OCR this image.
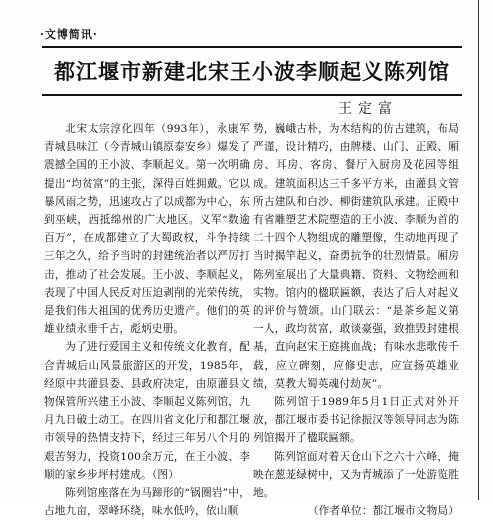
·文博简讯·
都江堰市新建北宋王小波李顺起义陈列馆
王定富

北宋太宗淳化四年（993年），永康军青城县味江（今青城山镇原泰安乡）爆发了震撼全国的王小波、李顺起义。第一次明确提出“均贫富”的主张，深得百姓拥戴。它以暴风雨之势，迅速攻占了以成都为中心，东到巫峡，西抵绵州的广大地区。义军“数逾百万”，在成都建立了大蜀政权，斗争持续三年之久，给予当时的封建统治者以严厉打击，推动了社会发展。王小波、李顺起义，表现了中国人民反对压迫剥削的光荣传统，是我们伟大祖国的优秀历史遗产。他们的英雄业绩永垂千古，彪炳史册。

为了进行爱国主义和传统文化教育，配合青城后山风景旅游区的开发，1985年，经原中共灌县委、县政府决定，由原灌县文物保管所兴建王小波、李顺起义陈列馆，九月九日破土动工。在四川省文化厅和都江堰市领导的热情支持下，经过三年另八个月的艰苦努力，投资100余万元，在王小波、李顺的家乡步坪村建成。（图）

陈列馆座落在为马蹄形的“锅圈岩”中，占地九亩，翠峰环绕，味水低吟，依山顺

势，巍峨古朴，为木结构的仿古建筑，布局严谨，设计精巧，由牌楼、山门、正殿、厢房、耳房、客房、餐厅入厨房及花园等组成。建筑面积达三千多平方米，由灌县文管所古建队和白沙、柳街建筑队承建。正殿中有省雕塑艺术院塑造的王小波、李顺为首的二十四个人物组成的雕塑像，生动地再现了当时揭竿起义，奋勇抗争的壮烈情景。厢房陈列室展出了大量典籍、资料、文物绘画和实物。馆内的楹联匾额，表达了后人对起义的评价与赞颂。山门联云：“是茶乡起义第一人，政均贫富，敢谈豪强，致推毁封建根基，直向赵宋王庭挑血战；有味水悲歌传千载，应立碑刻，应修史志，应宣扬英雄业绩，莫教大蜀英魂付劫灰”。

陈列馆于1989年5月1日正式对外开放，都江堰市委书记徐振汉等领导同志为陈列馆揭开了楹联匾额。

陈列馆面对着天仓山下之六十六峰，掩映在葱茏绿树中，又为青城添了一处游览胜地。

（作者单位：都江堰市文物局）
